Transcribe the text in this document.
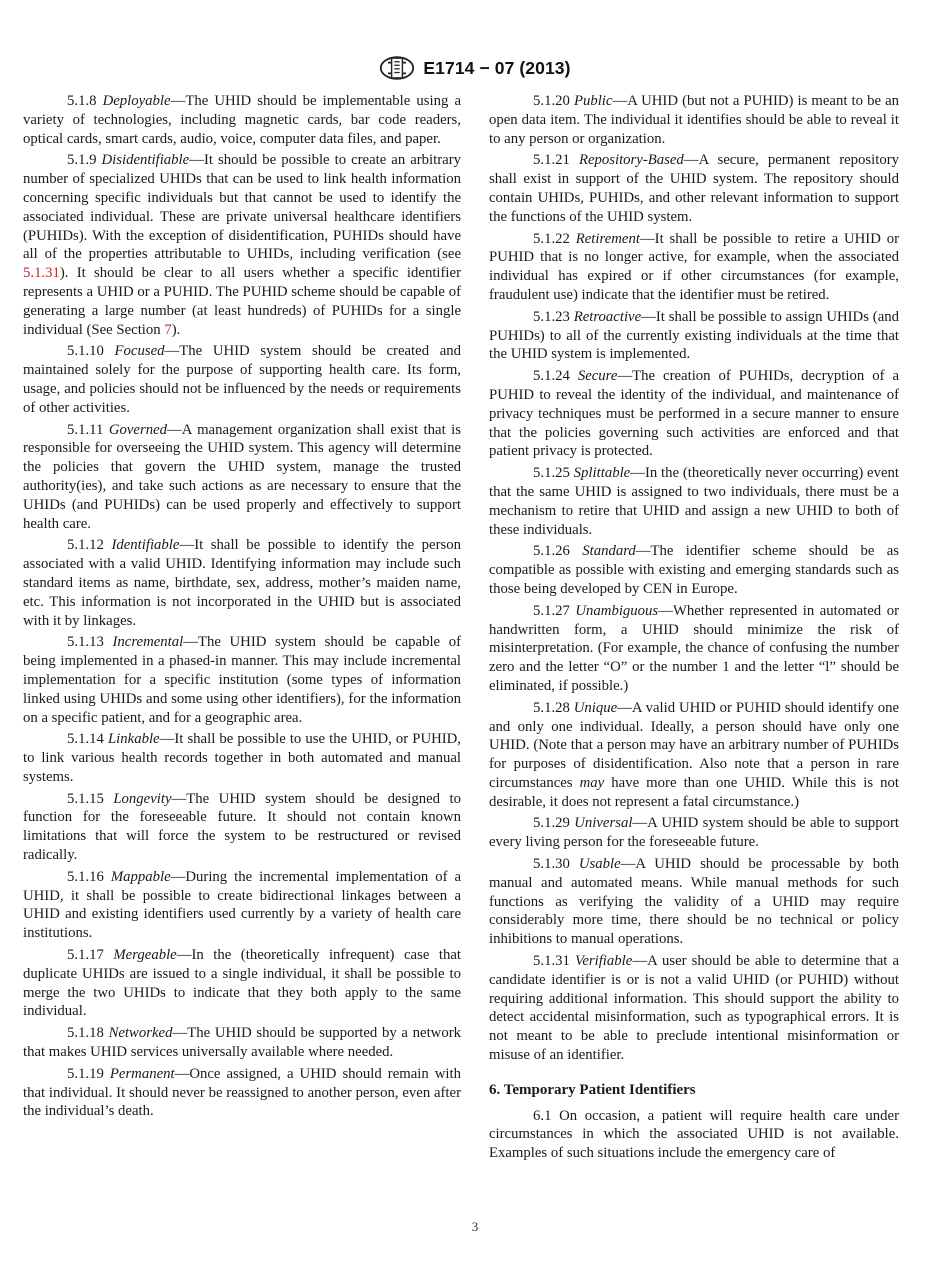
E1714 − 07 (2013)

5.1.8 Deployable—The UHID should be implementable using a variety of technologies, including magnetic cards, bar code readers, optical cards, smart cards, audio, voice, computer data files, and paper.

5.1.9 Disidentifiable—It should be possible to create an arbitrary number of specialized UHIDs that can be used to link health information concerning specific individuals but that cannot be used to identify the associated individual. These are private universal healthcare identifiers (PUHIDs). With the exception of disidentification, PUHIDs should have all of the properties attributable to UHIDs, including verification (see 5.1.31). It should be clear to all users whether a specific identifier represents a UHID or a PUHID. The PUHID scheme should be capable of generating a large number (at least hundreds) of PUHIDs for a single individual (See Section 7).

5.1.10 Focused—The UHID system should be created and maintained solely for the purpose of supporting health care. Its form, usage, and policies should not be influenced by the needs or requirements of other activities.

5.1.11 Governed—A management organization shall exist that is responsible for overseeing the UHID system. This agency will determine the policies that govern the UHID system, manage the trusted authority(ies), and take such actions as are necessary to ensure that the UHIDs (and PUHIDs) can be used properly and effectively to support health care.

5.1.12 Identifiable—It shall be possible to identify the person associated with a valid UHID. Identifying information may include such standard items as name, birthdate, sex, address, mother’s maiden name, etc. This information is not incorporated in the UHID but is associated with it by linkages.

5.1.13 Incremental—The UHID system should be capable of being implemented in a phased-in manner. This may include incremental implementation for a specific institution (some types of information linked using UHIDs and some using other identifiers), for the information on a specific patient, and for a geographic area.

5.1.14 Linkable—It shall be possible to use the UHID, or PUHID, to link various health records together in both automated and manual systems.

5.1.15 Longevity—The UHID system should be designed to function for the foreseeable future. It should not contain known limitations that will force the system to be restructured or revised radically.

5.1.16 Mappable—During the incremental implementation of a UHID, it shall be possible to create bidirectional linkages between a UHID and existing identifiers used currently by a variety of health care institutions.

5.1.17 Mergeable—In the (theoretically infrequent) case that duplicate UHIDs are issued to a single individual, it shall be possible to merge the two UHIDs to indicate that they both apply to the same individual.

5.1.18 Networked—The UHID should be supported by a network that makes UHID services universally available where needed.

5.1.19 Permanent—Once assigned, a UHID should remain with that individual. It should never be reassigned to another person, even after the individual’s death.

5.1.20 Public—A UHID (but not a PUHID) is meant to be an open data item. The individual it identifies should be able to reveal it to any person or organization.

5.1.21 Repository-Based—A secure, permanent repository shall exist in support of the UHID system. The repository should contain UHIDs, PUHIDs, and other relevant information to support the functions of the UHID system.

5.1.22 Retirement—It shall be possible to retire a UHID or PUHID that is no longer active, for example, when the associated individual has expired or if other circumstances (for example, fraudulent use) indicate that the identifier must be retired.

5.1.23 Retroactive—It shall be possible to assign UHIDs (and PUHIDs) to all of the currently existing individuals at the time that the UHID system is implemented.

5.1.24 Secure—The creation of PUHIDs, decryption of a PUHID to reveal the identity of the individual, and maintenance of privacy techniques must be performed in a secure manner to ensure that the policies governing such activities are enforced and that patient privacy is protected.

5.1.25 Splittable—In the (theoretically never occurring) event that the same UHID is assigned to two individuals, there must be a mechanism to retire that UHID and assign a new UHID to both of these individuals.

5.1.26 Standard—The identifier scheme should be as compatible as possible with existing and emerging standards such as those being developed by CEN in Europe.

5.1.27 Unambiguous—Whether represented in automated or handwritten form, a UHID should minimize the risk of misinterpretation. (For example, the chance of confusing the number zero and the letter “O” or the number 1 and the letter “l” should be eliminated, if possible.)

5.1.28 Unique—A valid UHID or PUHID should identify one and only one individual. Ideally, a person should have only one UHID. (Note that a person may have an arbitrary number of PUHIDs for purposes of disidentification. Also note that a person in rare circumstances may have more than one UHID. While this is not desirable, it does not represent a fatal circumstance.)

5.1.29 Universal—A UHID system should be able to support every living person for the foreseeable future.

5.1.30 Usable—A UHID should be processable by both manual and automated means. While manual methods for such functions as verifying the validity of a UHID may require considerably more time, there should be no technical or policy inhibitions to manual operations.

5.1.31 Verifiable—A user should be able to determine that a candidate identifier is or is not a valid UHID (or PUHID) without requiring additional information. This should support the ability to detect accidental misinformation, such as typographical errors. It is not meant to be able to preclude intentional misinformation or misuse of an identifier.

6. Temporary Patient Identifiers

6.1 On occasion, a patient will require health care under circumstances in which the associated UHID is not available. Examples of such situations include the emergency care of

3
